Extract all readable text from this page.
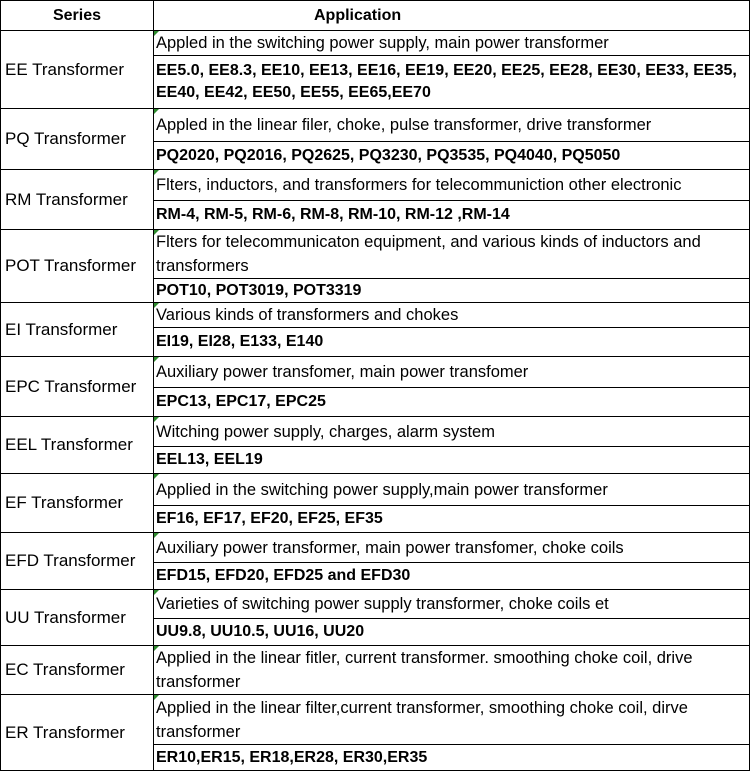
Series	Application
EE Transformer	Appled in the switching power supply, main power transformer
	EE5.0, EE8.3, EE10, EE13, EE16, EE19, EE20, EE25, EE28, EE30, EE33, EE35, EE40, EE42, EE50, EE55, EE65,EE70
PQ Transformer	Appled in the linear filer, choke, pulse transformer, drive transformer
	PQ2020, PQ2016, PQ2625, PQ3230, PQ3535, PQ4040, PQ5050
RM Transformer	Flters, inductors, and transformers for telecommuniction other electronic
	RM-4, RM-5, RM-6, RM-8, RM-10, RM-12 ,RM-14
POT Transformer	Flters for telecommunicaton equipment, and various kinds of inductors and transformers
	POT10, POT3019, POT3319
EI Transformer	Various kinds of transformers and chokes
	EI19, EI28, E133, E140
EPC Transformer	Auxiliary power transfomer, main power transfomer
	EPC13, EPC17, EPC25
EEL Transformer	Witching power supply, charges, alarm system
	EEL13, EEL19
EF Transformer	Applied in the switching power supply,main power transformer
	EF16, EF17, EF20, EF25, EF35
EFD Transformer	Auxiliary power transformer, main power transfomer, choke coils
	EFD15, EFD20, EFD25 and EFD30
UU Transformer	Varieties of switching power supply transformer, choke coils et
	UU9.8, UU10.5, UU16, UU20
EC Transformer	Applied in the linear fitler, current transformer. smoothing choke coil, drive transformer
ER Transformer	Applied in the linear filter,current transformer, smoothing choke coil, dirve transformer
	ER10,ER15, ER18,ER28, ER30,ER35
